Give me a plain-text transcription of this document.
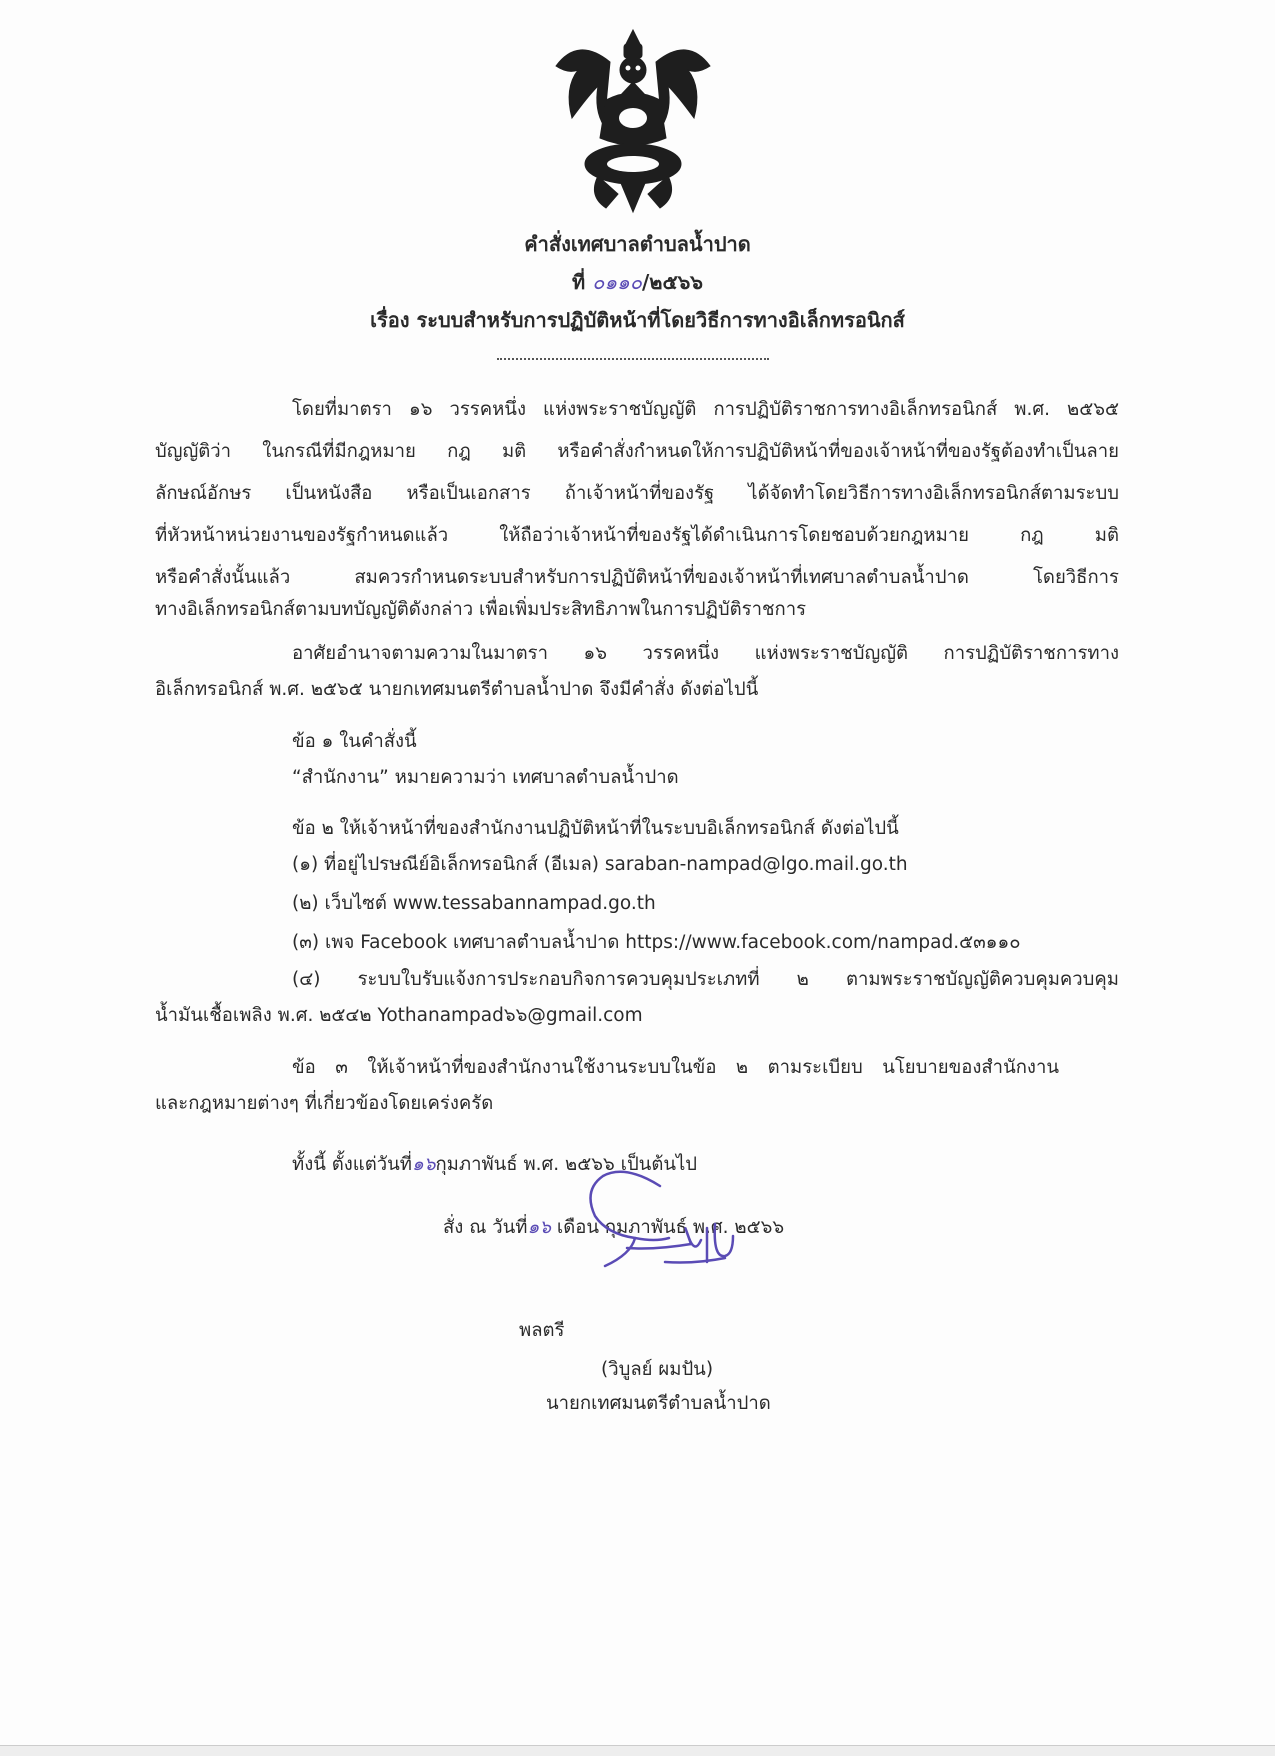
คำสั่งเทศบาลตำบลน้ำปาด
ที่ ๐๑๑๐/๒๕๖๖
เรื่อง ระบบสำหรับการปฏิบัติหน้าที่โดยวิธีการทางอิเล็กทรอนิกส์
โดยที่มาตรา ๑๖ วรรคหนึ่ง แห่งพระราชบัญญัติ การปฏิบัติราชการทางอิเล็กทรอนิกส์ พ.ศ. ๒๕๖๕
บัญญัติว่า ในกรณีที่มีกฎหมาย กฎ มติ หรือคำสั่งกำหนดให้การปฏิบัติหน้าที่ของเจ้าหน้าที่ของรัฐต้องทำเป็นลาย
ลักษณ์อักษร เป็นหนังสือ หรือเป็นเอกสาร ถ้าเจ้าหน้าที่ของรัฐ ได้จัดทำโดยวิธีการทางอิเล็กทรอนิกส์ตามระบบ
ที่หัวหน้าหน่วยงานของรัฐกำหนดแล้ว ให้ถือว่าเจ้าหน้าที่ของรัฐได้ดำเนินการโดยชอบด้วยกฎหมาย กฎ มติ
หรือคำสั่งนั้นแล้ว สมควรกำหนดระบบสำหรับการปฏิบัติหน้าที่ของเจ้าหน้าที่เทศบาลตำบลน้ำปาด โดยวิธีการ
ทางอิเล็กทรอนิกส์ตามบทบัญญัติดังกล่าว เพื่อเพิ่มประสิทธิภาพในการปฏิบัติราชการ
อาศัยอำนาจตามความในมาตรา ๑๖ วรรคหนึ่ง แห่งพระราชบัญญัติ การปฏิบัติราชการทาง
อิเล็กทรอนิกส์ พ.ศ. ๒๕๖๕ นายกเทศมนตรีตำบลน้ำปาด จึงมีคำสั่ง ดังต่อไปนี้
ข้อ ๑ ในคำสั่งนี้
“สำนักงาน” หมายความว่า เทศบาลตำบลน้ำปาด
ข้อ ๒ ให้เจ้าหน้าที่ของสำนักงานปฏิบัติหน้าที่ในระบบอิเล็กทรอนิกส์ ดังต่อไปนี้
(๑) ที่อยู่ไปรษณีย์อิเล็กทรอนิกส์ (อีเมล) saraban-nampad@lgo.mail.go.th
(๒) เว็บไซต์ www.tessabannampad.go.th
(๓) เพจ Facebook เทศบาลตำบลน้ำปาด https://www.facebook.com/nampad.๕๓๑๑๐
(๔) ระบบใบรับแจ้งการประกอบกิจการควบคุมประเภทที่ ๒ ตามพระราชบัญญัติควบคุมควบคุม
น้ำมันเชื้อเพลิง พ.ศ. ๒๕๔๒ Yothanampad๖๖@gmail.com
ข้อ ๓ ให้เจ้าหน้าที่ของสำนักงานใช้งานระบบในข้อ ๒ ตามระเบียบ นโยบายของสำนักงาน
และกฎหมายต่างๆ ที่เกี่ยวข้องโดยเคร่งครัด
ทั้งนี้ ตั้งแต่วันที่๑๖กุมภาพันธ์ พ.ศ. ๒๕๖๖ เป็นต้นไป
สั่ง ณ วันที่๑๖ เดือน กุมภาพันธ์ พ.ศ. ๒๕๖๖
พลตรี
(วิบูลย์ ผมปัน)
นายกเทศมนตรีตำบลน้ำปาด
